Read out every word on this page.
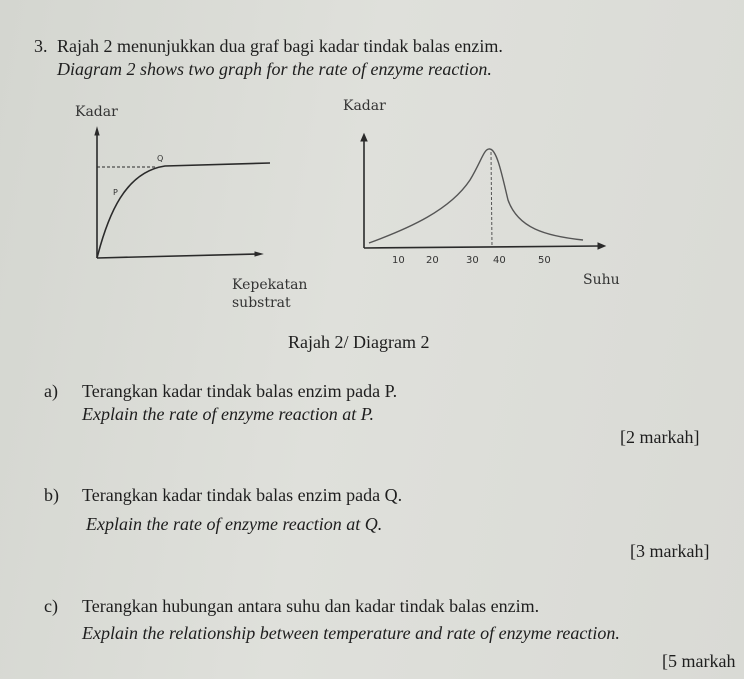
3. Rajah 2 menunjukkan dua graf bagi kadar tindak balas enzim.
Diagram 2 shows two graph for the rate of enzyme reaction.
Q
P
10 20	30 40	50
Kadar
Kepekatan
substrat
Kadar
Suhu
Rajah 2/ Diagram 2
a) Terangkan kadar tindak balas enzim pada P.
Explain the rate of enzyme reaction at P.
[2 markah]
b) Terangkan kadar tindak balas enzim pada Q.
Explain the rate of enzyme reaction at Q.
[3 markah]
c) Terangkan hubungan antara suhu dan kadar tindak balas enzim.
Explain the relationship between temperature and rate of enzyme reaction.
[5 markah
